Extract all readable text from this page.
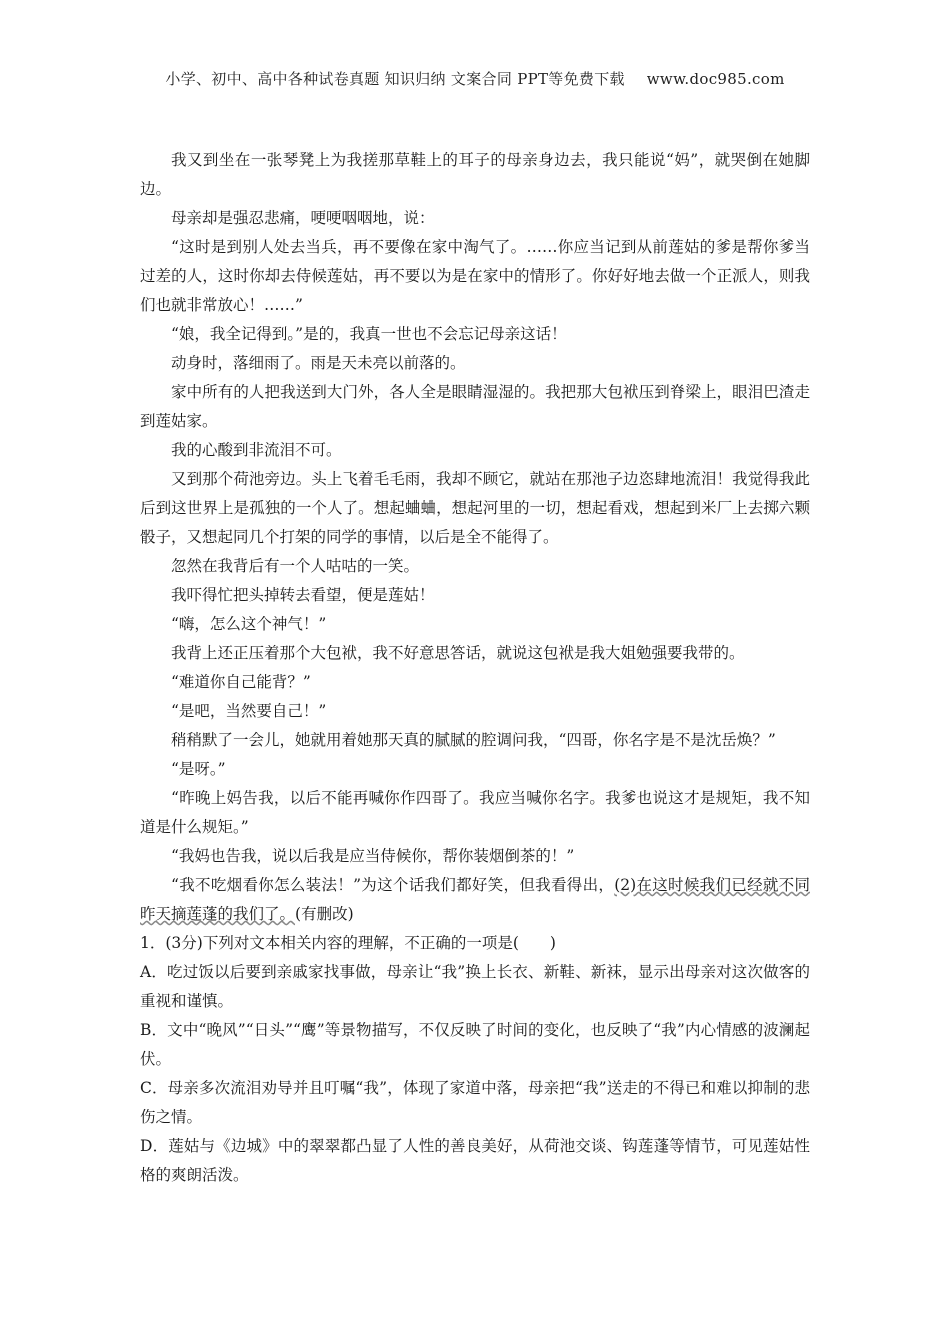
小学、初中、高中各种试卷真题 知识归纳 文案合同 PPT等免费下载 www.doc985.com

我又到坐在一张琴凳上为我搓那草鞋上的耳子的母亲身边去，我只能说“妈”，就哭倒在她脚边。

母亲却是强忍悲痛，哽哽咽咽地，说：

“这时是到别人处去当兵，再不要像在家中淘气了。……你应当记到从前莲姑的爹是帮你爹当过差的人，这时你却去侍候莲姑，再不要以为是在家中的情形了。你好好地去做一个正派人，则我们也就非常放心！……”

“娘，我全记得到。”是的，我真一世也不会忘记母亲这话！

动身时，落细雨了。雨是天未亮以前落的。

家中所有的人把我送到大门外，各人全是眼睛湿湿的。我把那大包袱压到脊梁上，眼泪巴渣走到莲姑家。

我的心酸到非流泪不可。

又到那个荷池旁边。头上飞着毛毛雨，我却不顾它，就站在那池子边恣肆地流泪！我觉得我此后到这世界上是孤独的一个人了。想起蛐蛐，想起河里的一切，想起看戏，想起到米厂上去掷六颗骰子，又想起同几个打架的同学的事情，以后是全不能得了。

忽然在我背后有一个人咕咕的一笑。

我吓得忙把头掉转去看望，便是莲姑！

“嗨，怎么这个神气！”

我背上还正压着那个大包袱，我不好意思答话，就说这包袱是我大姐勉强要我带的。

“难道你自己能背？”

“是吧，当然要自己！”

稍稍默了一会儿，她就用着她那天真的腻腻的腔调问我，“四哥，你名字是不是沈岳焕？”

“是呀。”

“昨晚上妈告我，以后不能再喊你作四哥了。我应当喊你名字。我爹也说这才是规矩，我不知道是什么规矩。”

“我妈也告我，说以后我是应当侍候你，帮你装烟倒茶的！”

“我不吃烟看你怎么装法！”为这个话我们都好笑，但我看得出，(2)在这时候我们已经就不同昨天摘莲蓬的我们了。(有删改)

1．(3分)下列对文本相关内容的理解，不正确的一项是(　　)

A．吃过饭以后要到亲戚家找事做，母亲让“我”换上长衣、新鞋、新袜，显示出母亲对这次做客的重视和谨慎。

B．文中“晚风”“日头”“鹰”等景物描写，不仅反映了时间的变化，也反映了“我”内心情感的波澜起伏。

C．母亲多次流泪劝导并且叮嘱“我”，体现了家道中落，母亲把“我”送走的不得已和难以抑制的悲伤之情。

D．莲姑与《边城》中的翠翠都凸显了人性的善良美好，从荷池交谈、钩莲蓬等情节，可见莲姑性格的爽朗活泼。
